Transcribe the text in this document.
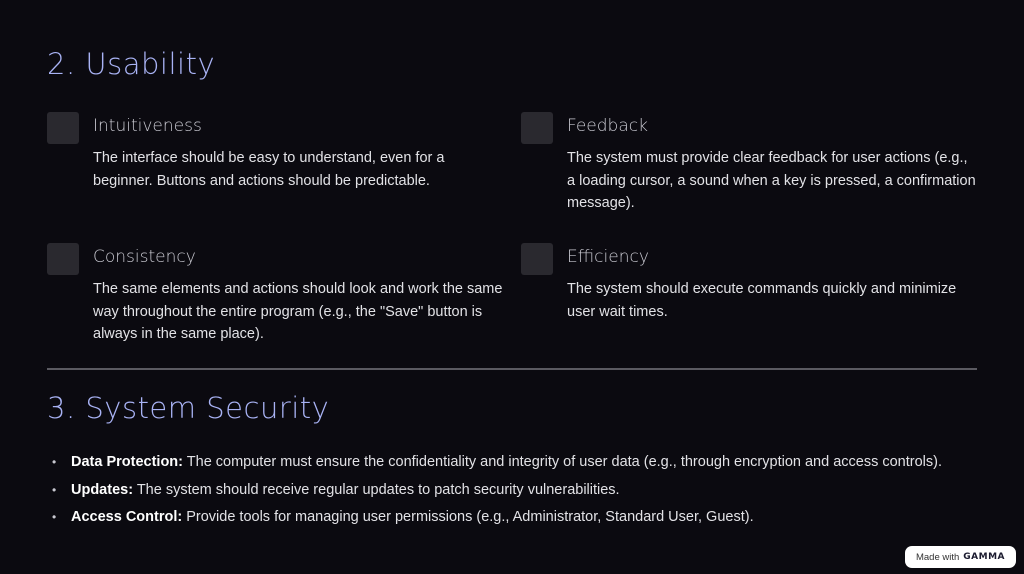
2. Usability
Intuitiveness

The interface should be easy to understand, even for a beginner. Buttons and actions should be predictable.

Feedback

The system must provide clear feedback for user actions (e.g., a loading cursor, a sound when a key is pressed, a confirmation message).

Consistency

The same elements and actions should look and work the same way throughout the entire program (e.g., the "Save" button is always in the same place).

Efficiency

The system should execute commands quickly and minimize user wait times.

3. System Security
• Data Protection: The computer must ensure the confidentiality and integrity of user data (e.g., through encryption and access controls).
• Updates: The system should receive regular updates to patch security vulnerabilities.
• Access Control: Provide tools for managing user permissions (e.g., Administrator, Standard User, Guest).
Made with GAMMA
